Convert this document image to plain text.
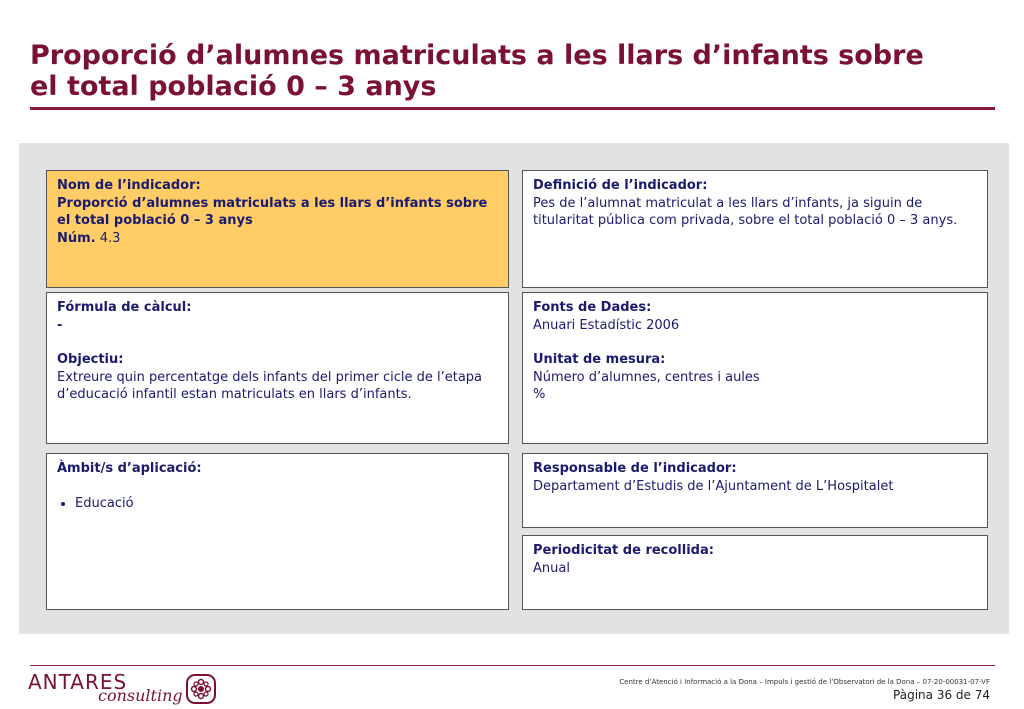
Proporció d’alumnes matriculats a les llars d’infants sobre
el total població 0 – 3 anys
Nom de l’indicador:
Proporció d’alumnes matriculats a les llars d’infants sobre el total població 0 – 3 anys
Núm. 4.3
Definició de l’indicador:
Pes de l’alumnat matriculat a les llars d’infants, ja siguin de titularitat pública com privada, sobre el total població 0 – 3 anys.
Fórmula de càlcul:
-
Objectiu:
Extreure quin percentatge dels infants del primer cicle de l’etapa d’educació infantil estan matriculats en llars d’infants.
Fonts de Dades:
Anuari Estadístic 2006
Unitat de mesura:
Número d’alumnes, centres i aules
%
Àmbit/s d’aplicació:
• Educació
Responsable de l’indicador:
Departament d’Estudis de l’Ajuntament de L’Hospitalet
Periodicitat de recollida:
Anual
ANTARES
consulting
Centre d’Atenció i Informació a la Dona – Impuls i gestió de l’Observatori de la Dona – 07-20-00031-07-VF
Pàgina 36 de 74
